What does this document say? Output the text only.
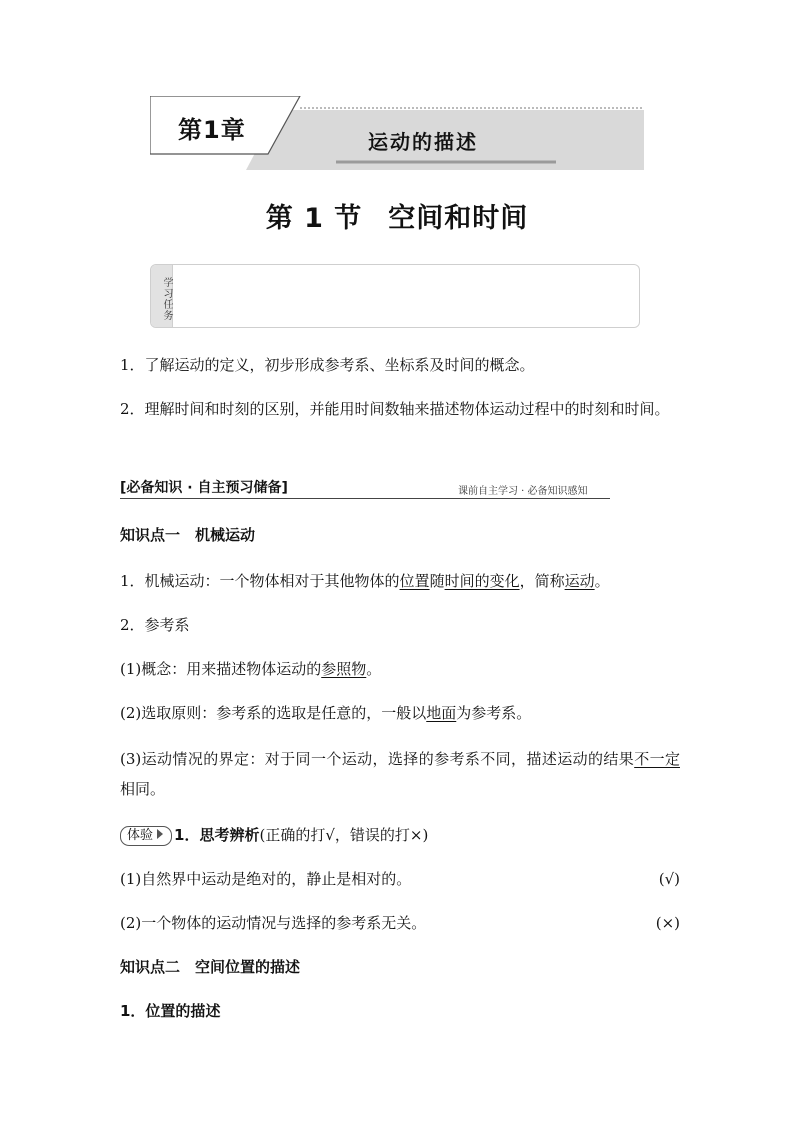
第1章	运动的描述
第 1 节 空间和时间
学习任务
1．了解运动的定义，初步形成参考系、坐标系及时间的概念。
2．理解时间和时刻的区别，并能用时间数轴来描述物体运动过程中的时刻和时间。
[必备知识 · 自主预习储备]	课前自主学习 · 必备知识感知
知识点一　机械运动
1．机械运动：一个物体相对于其他物体的位置随时间的变化，简称运动。
2．参考系
(1)概念：用来描述物体运动的参照物。
(2)选取原则：参考系的选取是任意的，一般以地面为参考系。
(3)运动情况的界定：对于同一个运动，选择的参考系不同，描述运动的结果不一定相同。
体验 1．思考辨析(正确的打√，错误的打×)
(1)自然界中运动是绝对的，静止是相对的。	(√)
(2)一个物体的运动情况与选择的参考系无关。	(×)
知识点二　空间位置的描述
1．位置的描述
